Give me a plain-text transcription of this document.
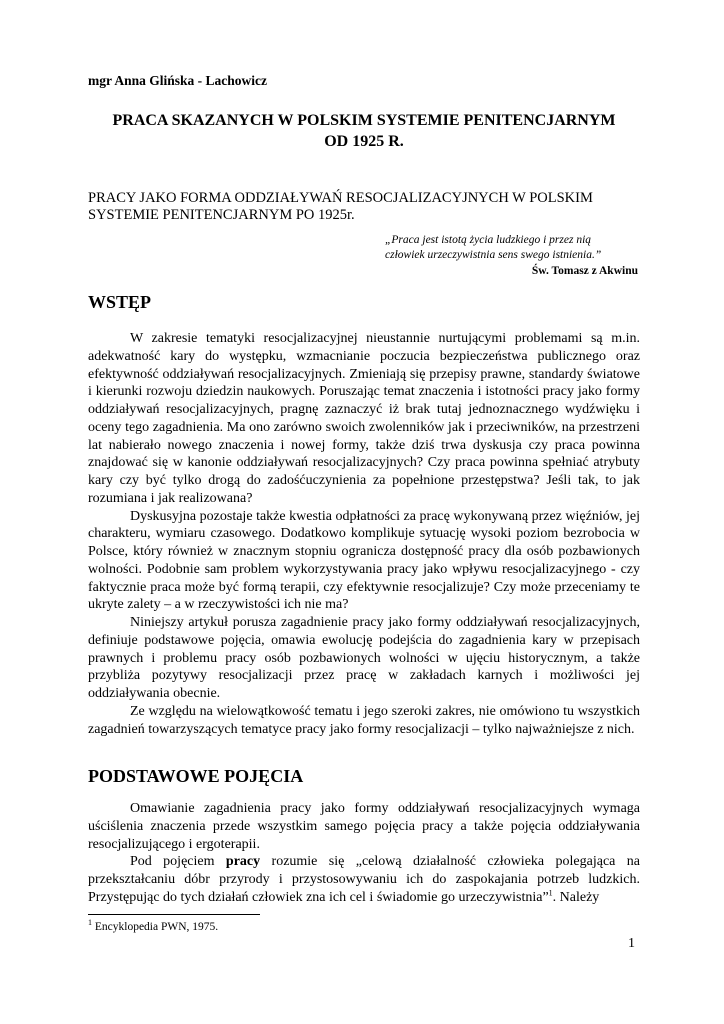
mgr Anna Glińska - Lachowicz
PRACA SKAZANYCH W POLSKIM SYSTEMIE PENITENCJARNYM
OD 1925 R.
PRACY JAKO FORMA ODDZIAŁYWAŃ RESOCJALIZACYJNYCH W POLSKIM SYSTEMIE PENITENCJARNYM PO 1925r.
„Praca jest istotą życia ludzkiego i przez nią
człowiek urzeczywistnia sens swego istnienia.”
Św. Tomasz z Akwinu
WSTĘP

W zakresie tematyki resocjalizacyjnej nieustannie nurtującymi problemami są m.in. adekwatność kary do występku, wzmacnianie poczucia bezpieczeństwa publicznego oraz efektywność oddziaływań resocjalizacyjnych. Zmieniają się przepisy prawne, standardy światowe i kierunki rozwoju dziedzin naukowych. Poruszając temat znaczenia i istotności pracy jako formy oddziaływań resocjalizacyjnych, pragnę zaznaczyć iż brak tutaj jednoznacznego wydźwięku i oceny tego zagadnienia. Ma ono zarówno swoich zwolenników jak i przeciwników, na przestrzeni lat nabierało nowego znaczenia i nowej formy, także dziś trwa dyskusja czy praca powinna znajdować się w kanonie oddziaływań resocjalizacyjnych? Czy praca powinna spełniać atrybuty kary czy być tylko drogą do zadośćuczynienia za popełnione przestępstwa? Jeśli tak, to jak rozumiana i jak realizowana?

Dyskusyjna pozostaje także kwestia odpłatności za pracę wykonywaną przez więźniów, jej charakteru, wymiaru czasowego. Dodatkowo komplikuje sytuację wysoki poziom bezrobocia w Polsce, który również w znacznym stopniu ogranicza dostępność pracy dla osób pozbawionych wolności. Podobnie sam problem wykorzystywania pracy jako wpływu resocjalizacyjnego - czy faktycznie praca może być formą terapii, czy efektywnie resocjalizuje? Czy może przeceniamy te ukryte zalety – a w rzeczywistości ich nie ma?

Niniejszy artykuł porusza zagadnienie pracy jako formy oddziaływań resocjalizacyjnych, definiuje podstawowe pojęcia, omawia ewolucję podejścia do zagadnienia kary w przepisach prawnych i problemu pracy osób pozbawionych wolności w ujęciu historycznym, a także przybliża pozytywy resocjalizacji przez pracę w zakładach karnych i możliwości jej oddziaływania obecnie.

Ze względu na wielowątkowość tematu i jego szeroki zakres, nie omówiono tu wszystkich zagadnień towarzyszących tematyce pracy jako formy resocjalizacji – tylko najważniejsze z nich.

PODSTAWOWE POJĘCIA

Omawianie zagadnienia pracy jako formy oddziaływań resocjalizacyjnych wymaga uściślenia znaczenia przede wszystkim samego pojęcia pracy a także pojęcia oddziaływania resocjalizującego i ergoterapii.

Pod pojęciem pracy rozumie się „celową działalność człowieka polegająca na przekształcaniu dóbr przyrody i przystosowywaniu ich do zaspokajania potrzeb ludzkich. Przystępując do tych działań człowiek zna ich cel i świadomie go urzeczywistnia”$^1$. Należy

$^1$ Encyklopedia PWN, 1975.
1
